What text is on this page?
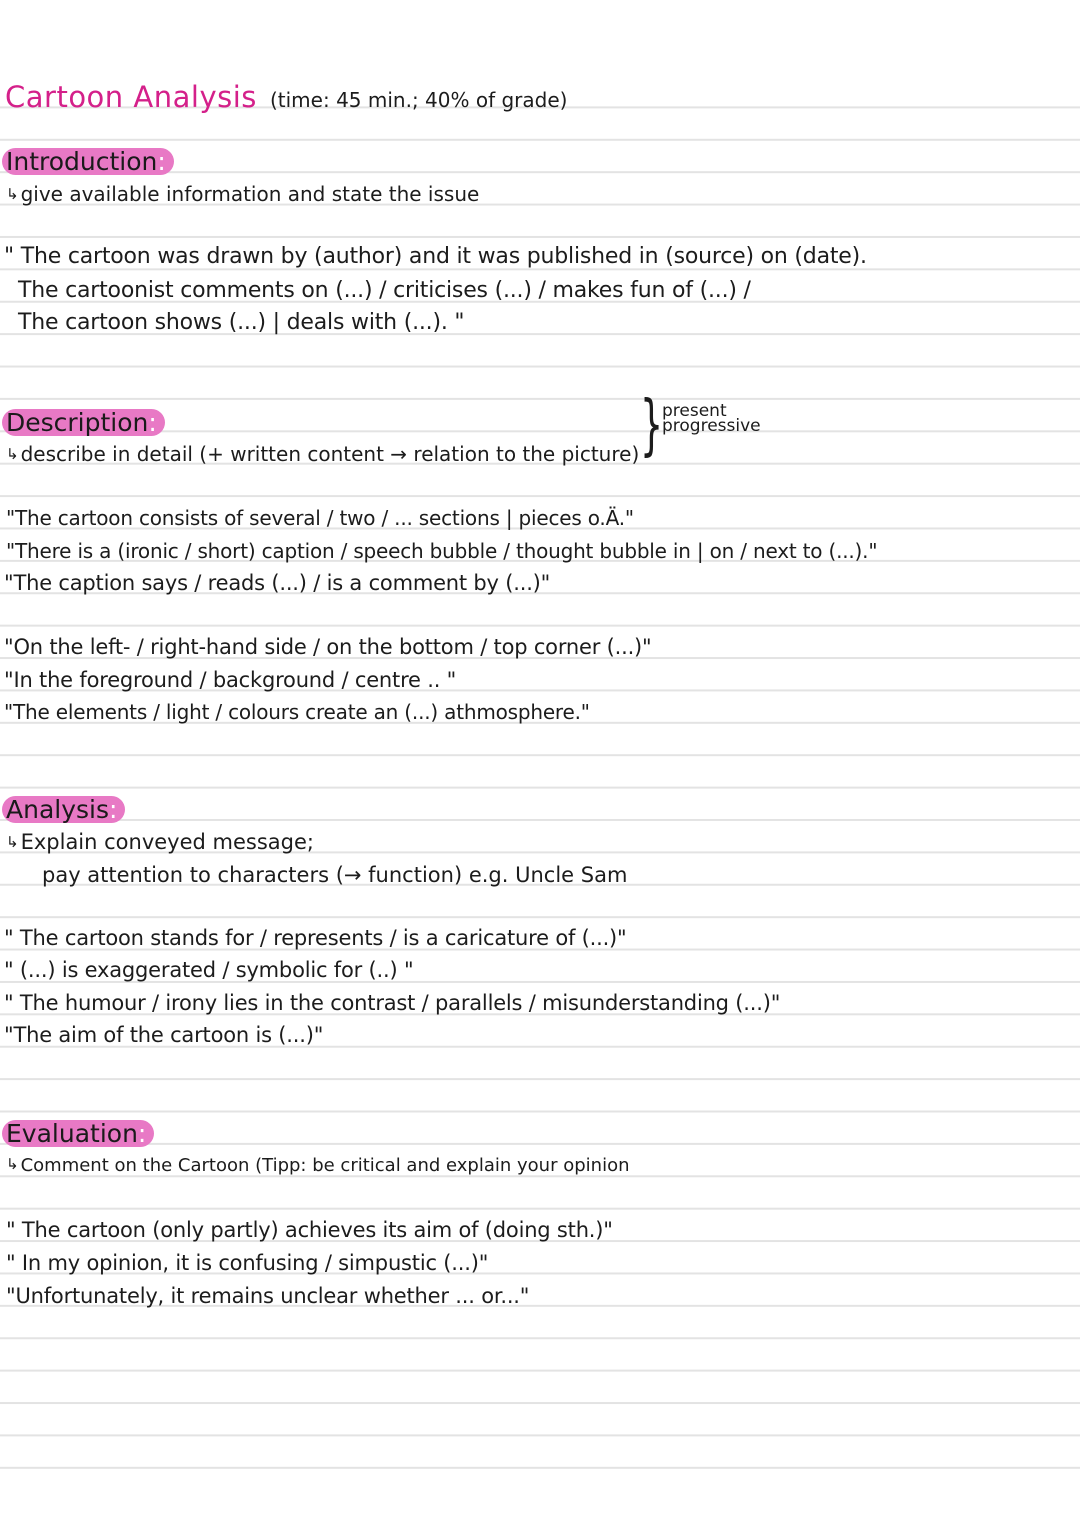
Cartoon Analysis (time: 45 min.; 40% of grade)
Introduction:
↳ give available information and state the issue
" The cartoon was drawn by (author) and it was published in (source) on (date).
The cartoonist comments on (...) / criticises (...) / makes fun of (...) /
The cartoon shows (...) | deals with (...). "
Description:
↳ describe in detail (+ written content → relation to the picture) }
present
progressive
"The cartoon consists of several / two / ... sections | pieces o.Ä."
"There is a (ironic / short) caption / speech bubble / thought bubble in | on / next to (...)."
"The caption says / reads (...) / is a comment by (...)"
"On the left- / right-hand side / on the bottom / top corner (...)"
"In the foreground / background / centre .. "
"The elements / light / colours create an (...) athmosphere."
Analysis:
↳Explain conveyed message;
pay attention to characters (→ function) e.g. Uncle Sam
" The cartoon stands for / represents / is a caricature of (...)"
" (...) is exaggerated / symbolic for (..) "
" The humour / irony lies in the contrast / parallels / misunderstanding (...)"
"The aim of the cartoon is (...)"
Evaluation:
↳ Comment on the Cartoon (Tipp: be critical and explain your opinion
" The cartoon (only partly) achieves its aim of (doing sth.)"
" In my opinion, it is confusing / simpustic (...)"
"Unfortunately, it remains unclear whether ... or..."
